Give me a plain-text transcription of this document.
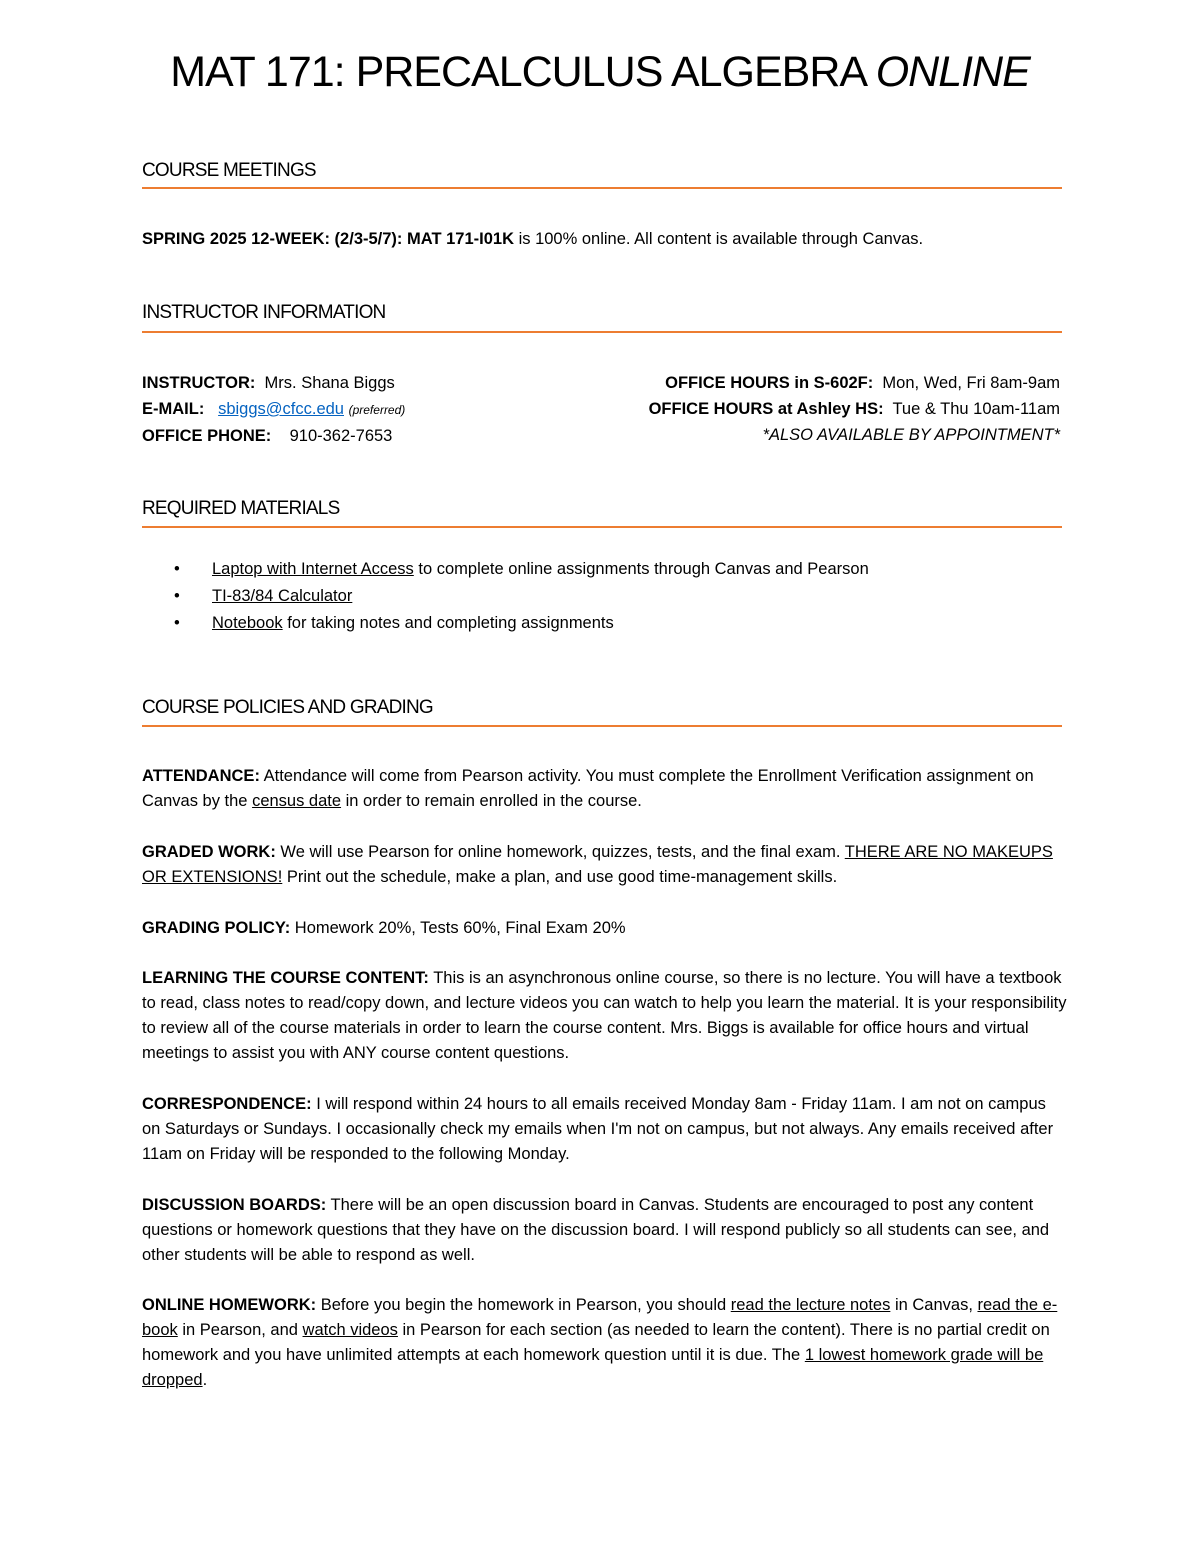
MAT 171: PRECALCULUS ALGEBRA ONLINE
COURSE MEETINGS
SPRING 2025 12-WEEK: (2/3-5/7): MAT 171-I01K is 100% online. All content is available through Canvas.
INSTRUCTOR INFORMATION
INSTRUCTOR: Mrs. Shana Biggs
E-MAIL: sbiggs@cfcc.edu (preferred)
OFFICE PHONE: 910-362-7653
OFFICE HOURS in S-602F: Mon, Wed, Fri 8am-9am
OFFICE HOURS at Ashley HS: Tue & Thu 10am-11am
*ALSO AVAILABLE BY APPOINTMENT*
REQUIRED MATERIALS
• Laptop with Internet Access to complete online assignments through Canvas and Pearson
• TI-83/84 Calculator
• Notebook for taking notes and completing assignments
COURSE POLICIES AND GRADING
ATTENDANCE: Attendance will come from Pearson activity. You must complete the Enrollment Verification assignment on Canvas by the census date in order to remain enrolled in the course.
GRADED WORK: We will use Pearson for online homework, quizzes, tests, and the final exam. THERE ARE NO MAKEUPS OR EXTENSIONS! Print out the schedule, make a plan, and use good time-management skills.
GRADING POLICY: Homework 20%, Tests 60%, Final Exam 20%
LEARNING THE COURSE CONTENT: This is an asynchronous online course, so there is no lecture. You will have a textbook to read, class notes to read/copy down, and lecture videos you can watch to help you learn the material. It is your responsibility to review all of the course materials in order to learn the course content. Mrs. Biggs is available for office hours and virtual meetings to assist you with ANY course content questions.
CORRESPONDENCE: I will respond within 24 hours to all emails received Monday 8am - Friday 11am. I am not on campus on Saturdays or Sundays. I occasionally check my emails when I'm not on campus, but not always. Any emails received after 11am on Friday will be responded to the following Monday.
DISCUSSION BOARDS: There will be an open discussion board in Canvas. Students are encouraged to post any content questions or homework questions that they have on the discussion board. I will respond publicly so all students can see, and other students will be able to respond as well.
ONLINE HOMEWORK: Before you begin the homework in Pearson, you should read the lecture notes in Canvas, read the e-book in Pearson, and watch videos in Pearson for each section (as needed to learn the content). There is no partial credit on homework and you have unlimited attempts at each homework question until it is due. The 1 lowest homework grade will be dropped.
